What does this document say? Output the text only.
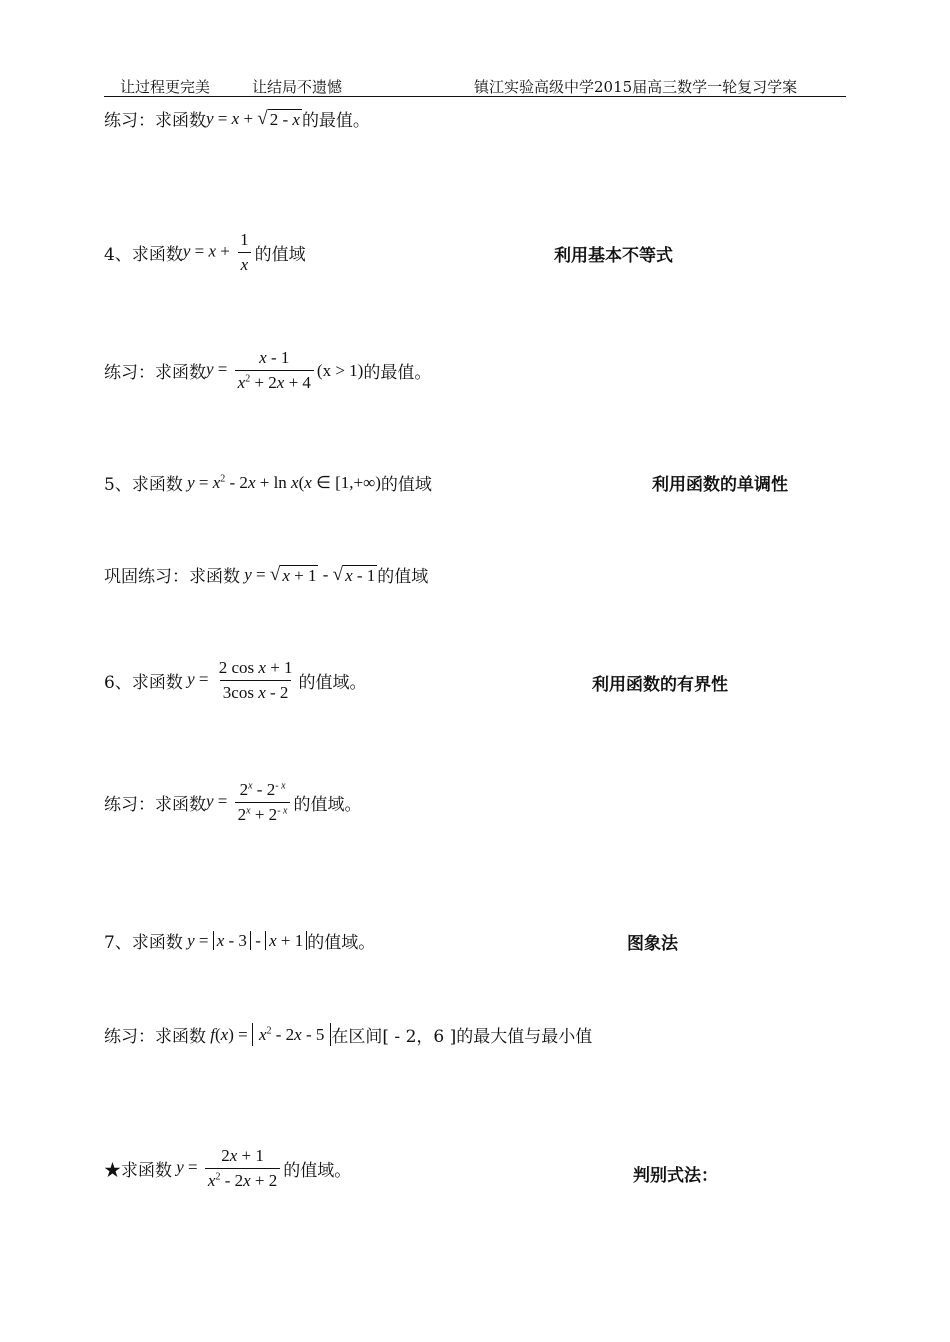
让过程更完美	让结局不遗憾	镇江实验高级中学2015届高三数学一轮复习学案
练习：求函数 y = x + √ 2 - x 的最值。
4、求函数 $y = x + \frac{1}{x}$ 的值域	利用基本不等式
练习：求函数 $y = \frac{x - 1}{x^2 + 2x + 4} (x > 1)$ 的最值。
5、求函数 $y = x^2 - 2x + \ln x(x$ ∈ [1,+∞) 的值域	利用函数的单调性
巩固练习：求函数 y = √ x + 1 - √ x - 1 的值域
6、求函数 $y = \frac{\text{2 cos x + 1}}{\text{3cos x - 2}}$ 的值域。	利用函数的有界性
练习：求函数 $y = \frac{2^x - 2^{- x}}{2^x + 2^{- x}}$ 的值域。
7、求函数 y = x - 3 - x + 1 的值域。	图象法
练习：求函数 $f(x) = x^2 - 2x - 5$ 在区间[ - 2，6 ]的最大值与最小值
★求函数 $y = \frac{2x + 1}{x^2 - 2x + 2}$ 的值域。	判别式法：
